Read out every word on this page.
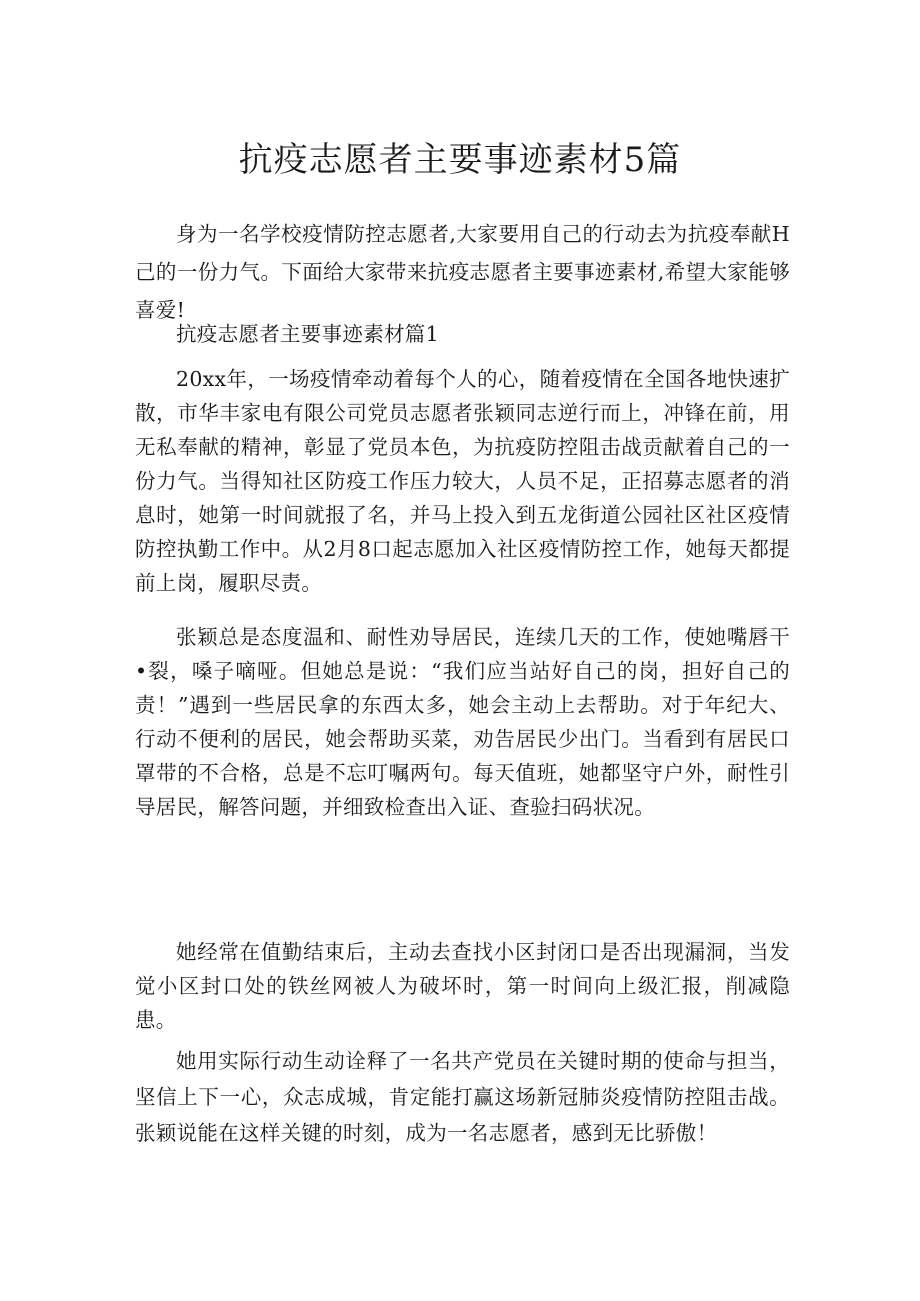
抗疫志愿者主要事迹素材5篇

身为一名学校疫情防控志愿者,大家要用自己的行动去为抗疫奉献H己的一份力气。下面给大家带来抗疫志愿者主要事迹素材,希望大家能够喜爱!

抗疫志愿者主要事迹素材篇1

20xx年，一场疫情牵动着每个人的心，随着疫情在全国各地快速扩散，市华丰家电有限公司党员志愿者张颖同志逆行而上，冲锋在前，用无私奉献的精神，彰显了党员本色，为抗疫防控阻击战贡献着自己的一份力气。当得知社区防疫工作压力较大，人员不足，正招募志愿者的消息时，她第一时间就报了名，并马上投入到五龙街道公园社区社区疫情防控执勤工作中。从2月8口起志愿加入社区疫情防控工作，她每天都提前上岗，履职尽责。

张颖总是态度温和、耐性劝导居民，连续几天的工作，使她嘴唇干•裂，嗓子嘀哑。但她总是说：“我们应当站好自己的岗，担好自己的责！”遇到一些居民拿的东西太多，她会主动上去帮助。对于年纪大、行动不便利的居民，她会帮助买菜，劝告居民少出门。当看到有居民口罩带的不合格，总是不忘叮嘱两句。每天值班，她都坚守户外，耐性引导居民，解答问题，并细致检查出入证、查验扫码状况。

她经常在值勤结束后，主动去查找小区封闭口是否出现漏洞，当发觉小区封口处的铁丝网被人为破坏时，第一时间向上级汇报，削减隐患。

她用实际行动生动诠释了一名共产党员在关键时期的使命与担当，坚信上下一心，众志成城，肯定能打赢这场新冠肺炎疫情防控阻击战。张颖说能在这样关键的时刻，成为一名志愿者，感到无比骄傲！
